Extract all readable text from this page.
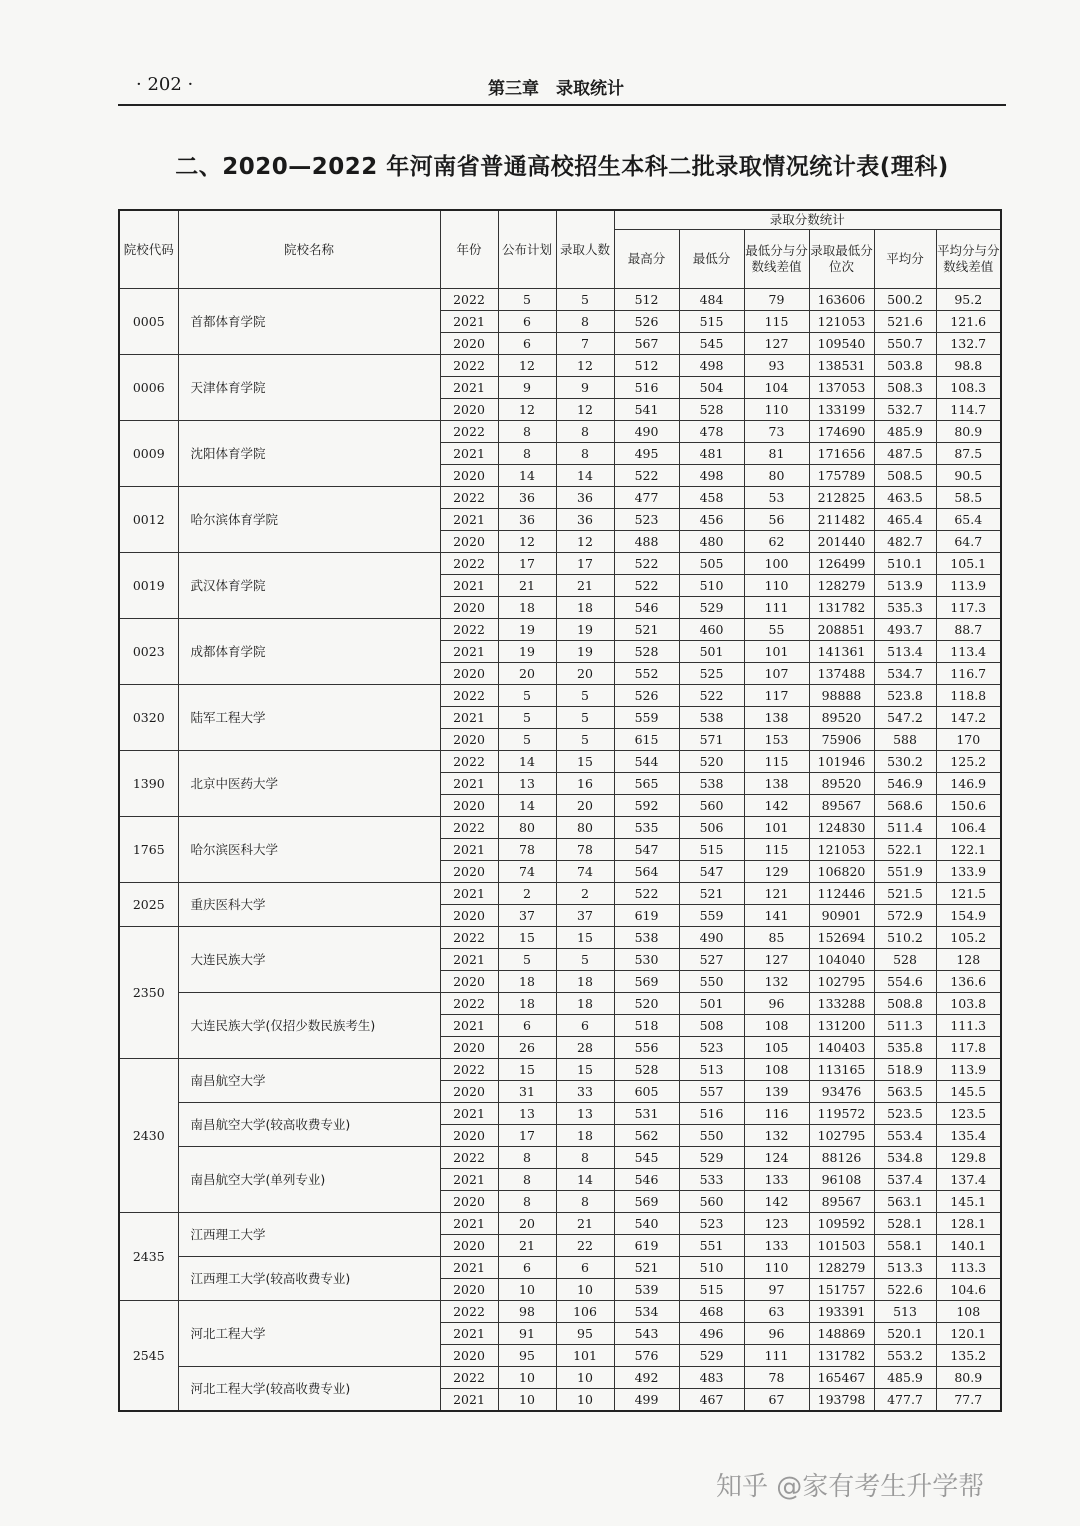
· 202 ·	第三章　录取统计
二、2020—2022 年河南省普通高校招生本科二批录取情况统计表(理科)
院校代码	院校名称	年份	公布计划	录取人数	录取分数统计					
					最高分	最低分	最低分与分数线差值	录取最低分位次	平均分	平均分与分数线差值
0005	首都体育学院	2022	5	5	512	484	79	163606	500.2	95.2
		2021	6	8	526	515	115	121053	521.6	121.6
		2020	6	7	567	545	127	109540	550.7	132.7
0006	天津体育学院	2022	12	12	512	498	93	138531	503.8	98.8
		2021	9	9	516	504	104	137053	508.3	108.3
		2020	12	12	541	528	110	133199	532.7	114.7
0009	沈阳体育学院	2022	8	8	490	478	73	174690	485.9	80.9
		2021	8	8	495	481	81	171656	487.5	87.5
		2020	14	14	522	498	80	175789	508.5	90.5
0012	哈尔滨体育学院	2022	36	36	477	458	53	212825	463.5	58.5
		2021	36	36	523	456	56	211482	465.4	65.4
		2020	12	12	488	480	62	201440	482.7	64.7
0019	武汉体育学院	2022	17	17	522	505	100	126499	510.1	105.1
		2021	21	21	522	510	110	128279	513.9	113.9
		2020	18	18	546	529	111	131782	535.3	117.3
0023	成都体育学院	2022	19	19	521	460	55	208851	493.7	88.7
		2021	19	19	528	501	101	141361	513.4	113.4
		2020	20	20	552	525	107	137488	534.7	116.7
0320	陆军工程大学	2022	5	5	526	522	117	98888	523.8	118.8
		2021	5	5	559	538	138	89520	547.2	147.2
		2020	5	5	615	571	153	75906	588	170
1390	北京中医药大学	2022	14	15	544	520	115	101946	530.2	125.2
		2021	13	16	565	538	138	89520	546.9	146.9
		2020	14	20	592	560	142	89567	568.6	150.6
1765	哈尔滨医科大学	2022	80	80	535	506	101	124830	511.4	106.4
		2021	78	78	547	515	115	121053	522.1	122.1
		2020	74	74	564	547	129	106820	551.9	133.9
2025	重庆医科大学	2021	2	2	522	521	121	112446	521.5	121.5
		2020	37	37	619	559	141	90901	572.9	154.9
2350	大连民族大学	2022	15	15	538	490	85	152694	510.2	105.2
		2021	5	5	530	527	127	104040	528	128
		2020	18	18	569	550	132	102795	554.6	136.6
	大连民族大学(仅招少数民族考生)	2022	18	18	520	501	96	133288	508.8	103.8
		2021	6	6	518	508	108	131200	511.3	111.3
		2020	26	28	556	523	105	140403	535.8	117.8
2430	南昌航空大学	2022	15	15	528	513	108	113165	518.9	113.9
		2020	31	33	605	557	139	93476	563.5	145.5
	南昌航空大学(较高收费专业)	2021	13	13	531	516	116	119572	523.5	123.5
		2020	17	18	562	550	132	102795	553.4	135.4
	南昌航空大学(单列专业)	2022	8	8	545	529	124	88126	534.8	129.8
		2021	8	14	546	533	133	96108	537.4	137.4
		2020	8	8	569	560	142	89567	563.1	145.1
2435	江西理工大学	2021	20	21	540	523	123	109592	528.1	128.1
		2020	21	22	619	551	133	101503	558.1	140.1
	江西理工大学(较高收费专业)	2021	6	6	521	510	110	128279	513.3	113.3
		2020	10	10	539	515	97	151757	522.6	104.6
2545	河北工程大学	2022	98	106	534	468	63	193391	513	108
		2021	91	95	543	496	96	148869	520.1	120.1
		2020	95	101	576	529	111	131782	553.2	135.2
	河北工程大学(较高收费专业)	2022	10	10	492	483	78	165467	485.9	80.9
		2021	10	10	499	467	67	193798	477.7	77.7
知乎 @家有考生升学帮
